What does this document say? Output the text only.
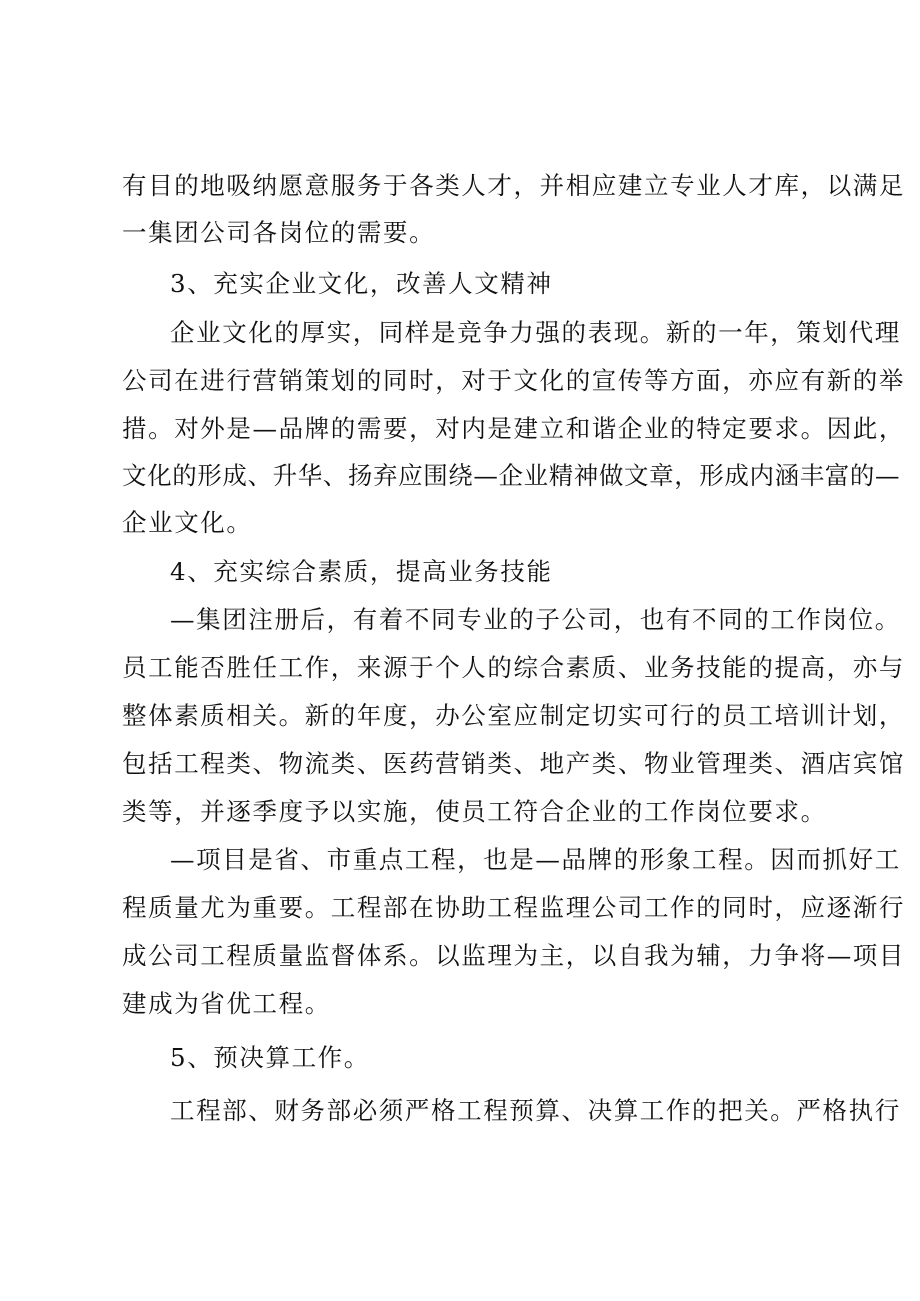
有目的地吸纳愿意服务于各类人才，并相应建立专业人才库，以满足

一集团公司各岗位的需要。

3、充实企业文化，改善人文精神

企业文化的厚实，同样是竞争力强的表现。新的一年，策划代理

公司在进行营销策划的同时，对于文化的宣传等方面，亦应有新的举

措。对外是—品牌的需要，对内是建立和谐企业的特定要求。因此，

文化的形成、升华、扬弃应围绕—企业精神做文章，形成内涵丰富的—

企业文化。

4、充实综合素质，提高业务技能

—集团注册后，有着不同专业的子公司，也有不同的工作岗位。

员工能否胜任工作，来源于个人的综合素质、业务技能的提高，亦与

整体素质相关。新的年度，办公室应制定切实可行的员工培训计划，

包括工程类、物流类、医药营销类、地产类、物业管理类、酒店宾馆

类等，并逐季度予以实施，使员工符合企业的工作岗位要求。

—项目是省、市重点工程，也是—品牌的形象工程。因而抓好工

程质量尤为重要。工程部在协助工程监理公司工作的同时，应逐渐行

成公司工程质量监督体系。以监理为主，以自我为辅，力争将—项目

建成为省优工程。

5、预决算工作。

工程部、财务部必须严格工程预算、决算工作的把关。严格执行
